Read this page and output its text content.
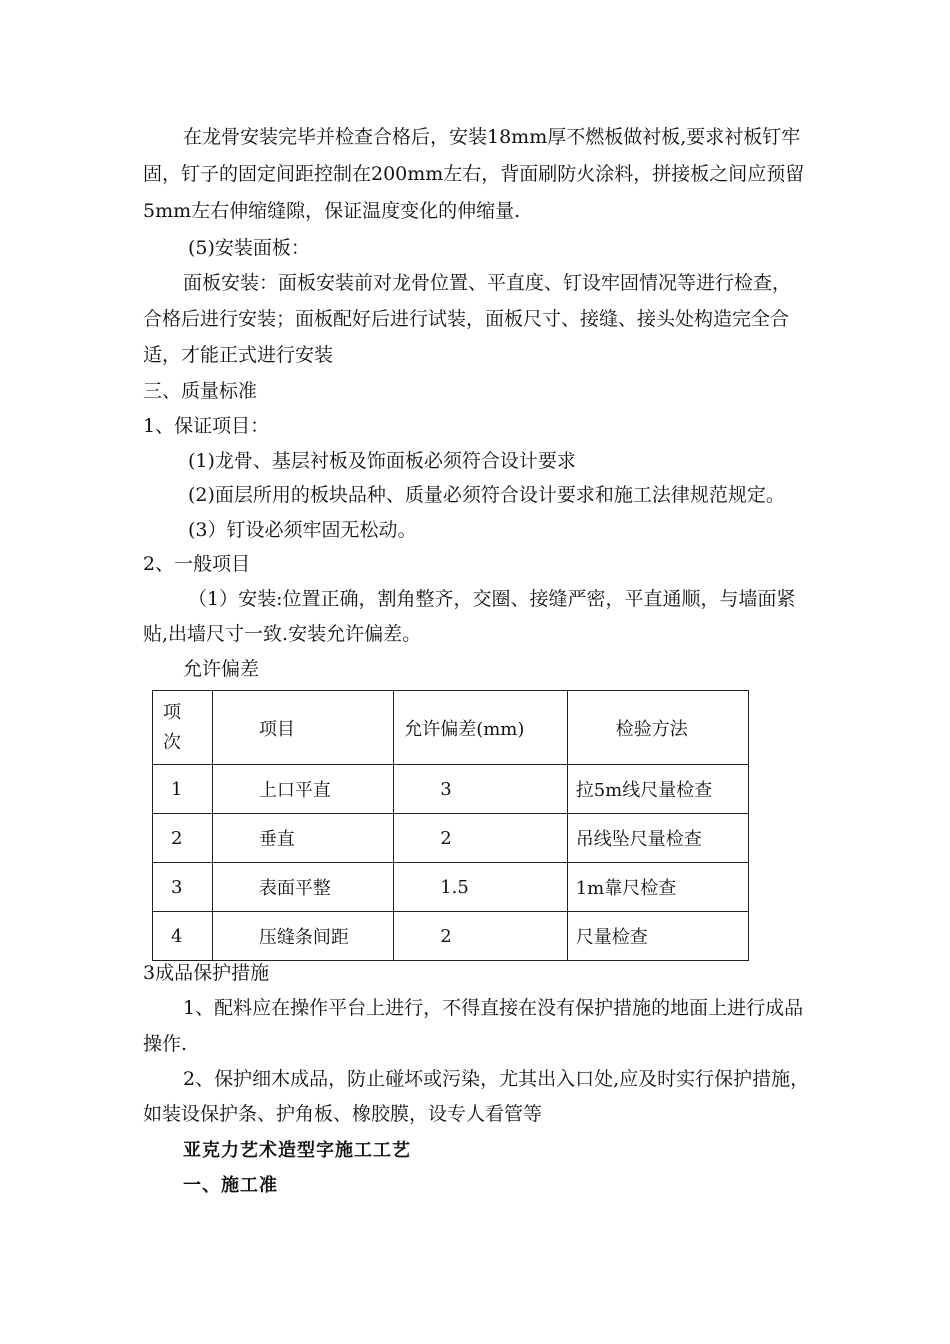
在龙骨安装完毕并检查合格后，安装18mm厚不燃板做衬板,要求衬板钉牢
固，钉子的固定间距控制在200mm左右，背面刷防火涂料，拼接板之间应预留
5mm左右伸缩缝隙，保证温度变化的伸缩量.
(5)安装面板：
面板安装：面板安装前对龙骨位置、平直度、钉设牢固情况等进行检查，
合格后进行安装；面板配好后进行试装，面板尺寸、接缝、接头处构造完全合
适，才能正式进行安装
三、质量标准
1、保证项目：
(1)龙骨、基层衬板及饰面板必须符合设计要求
(2)面层所用的板块品种、质量必须符合设计要求和施工法律规范规定。
(3）钉设必须牢固无松动。
2、一般项目
（1）安装:位置正确，割角整齐，交圈、接缝严密，平直通顺，与墙面紧
贴,出墙尺寸一致.安装允许偏差。
允许偏差
项
次	项目	允许偏差(mm)	检验方法
1	上口平直	3	拉5m线尺量检查
2	垂直	2	吊线坠尺量检查
3	表面平整	1.5	1m靠尺检查
4	压缝条间距	2	尺量检查
3成品保护措施
1、配料应在操作平台上进行，不得直接在没有保护措施的地面上进行成品
操作.
2、保护细木成品，防止碰坏或污染，尤其出入口处,应及时实行保护措施，
如装设保护条、护角板、橡胶膜，设专人看管等
亚克力艺术造型字施工工艺
一、施工准
